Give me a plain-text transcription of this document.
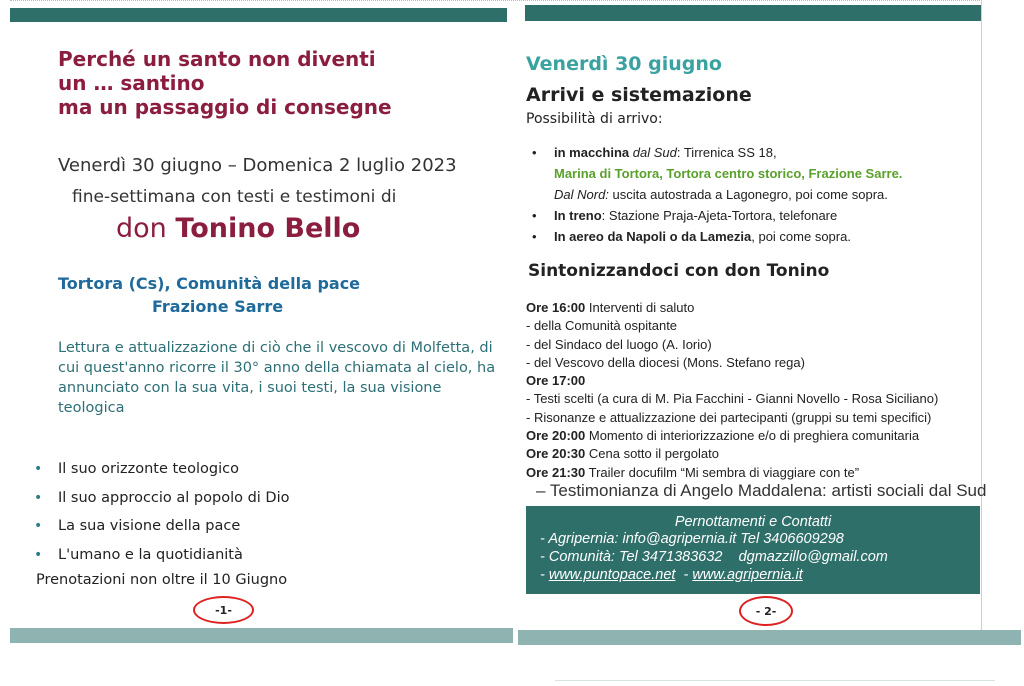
Perché un santo non diventi
un … santino
ma un passaggio di consegne
Venerdì 30 giugno – Domenica 2 luglio 2023
fine-settimana con testi e testimoni di
don Tonino Bello
Tortora (Cs), Comunità della pace
Frazione Sarre
Lettura e attualizzazione di ciò che il vescovo di Molfetta, di cui quest'anno ricorre il 30° anno della chiamata al cielo, ha annunciato con la sua vita, i suoi testi, la sua visione teologica
•	Il suo orizzonte teologico
•	Il suo approccio al popolo di Dio
•	La sua visione della pace
•	L'umano e la quotidianità
Prenotazioni non oltre il 10 Giugno
-1-
Venerdì 30 giugno
Arrivi e sistemazione
Possibilità di arrivo:
• in macchina dal Sud: Tirrenica SS 18,
Marina di Tortora, Tortora centro storico, Frazione Sarre.
Dal Nord: uscita autostrada a Lagonegro, poi come sopra.
• In treno: Stazione Praja-Ajeta-Tortora, telefonare
• In aereo da Napoli o da Lamezia, poi come sopra.
Sintonizzandoci con don Tonino
Ore 16:00 Interventi di saluto
- della Comunità ospitante
- del Sindaco del luogo (A. Iorio)
- del Vescovo della diocesi (Mons. Stefano rega)
Ore 17:00
- Testi scelti (a cura di M. Pia Facchini - Gianni Novello - Rosa Siciliano)
- Risonanze e attualizzazione dei partecipanti (gruppi su temi specifici)
Ore 20:00 Momento di interiorizzazione e/o di preghiera comunitaria
Ore 20:30 Cena sotto il pergolato
Ore 21:30 Trailer docufilm “Mi sembra di viaggiare con te”
– Testimonianza di Angelo Maddalena: artisti sociali dal Sud
Pernottamenti e Contatti
- Agripernia: info@agripernia.it Tel 3406609298
- Comunità: Tel 3471383632    dgmazzillo@gmail.com
- www.puntopace.net  - www.agripernia.it
- 2-
